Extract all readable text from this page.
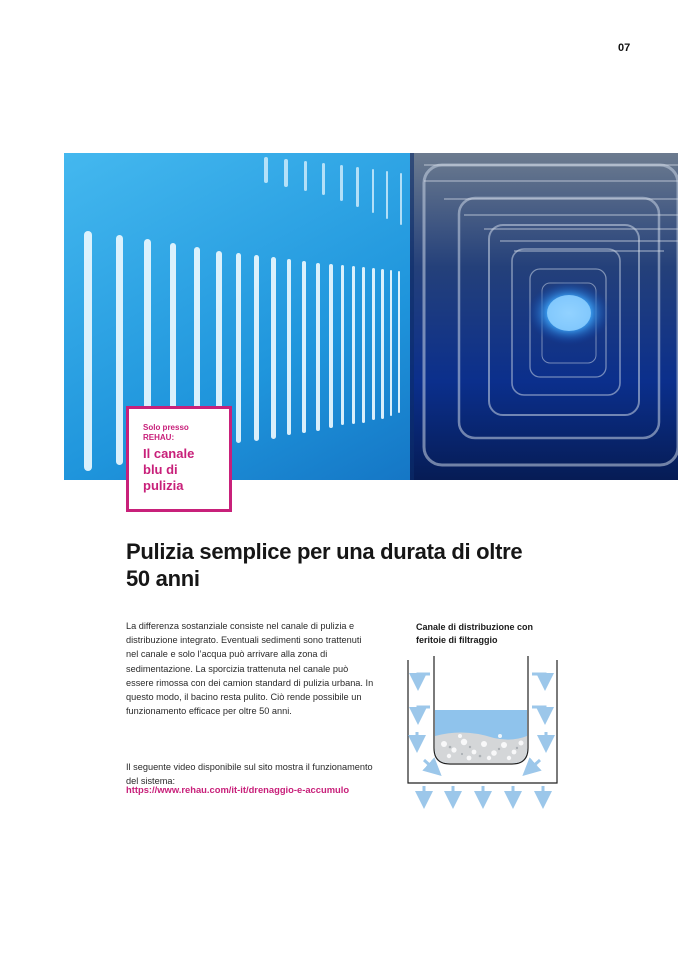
07
Solo presso REHAU:
Il canale blu di pulizia
Pulizia semplice per una durata di oltre 50 anni

La differenza sostanziale consiste nel canale di pulizia e distribuzione integrato. Eventuali sedimenti sono trattenuti nel canale e solo l’acqua può arrivare alla zona di sedimentazione. La sporcizia trattenuta nel canale può essere rimossa con dei camion standard di pulizia urbana. In questo modo, il bacino resta pulito. Ciò rende possibile un funzionamento efficace per oltre 50 anni.

Il seguente video disponibile sul sito mostra il funzionamento del sistema:

https://www.rehau.com/it-it/drenaggio-e-accumulo
Canale di distribuzione con feritoie di filtraggio
